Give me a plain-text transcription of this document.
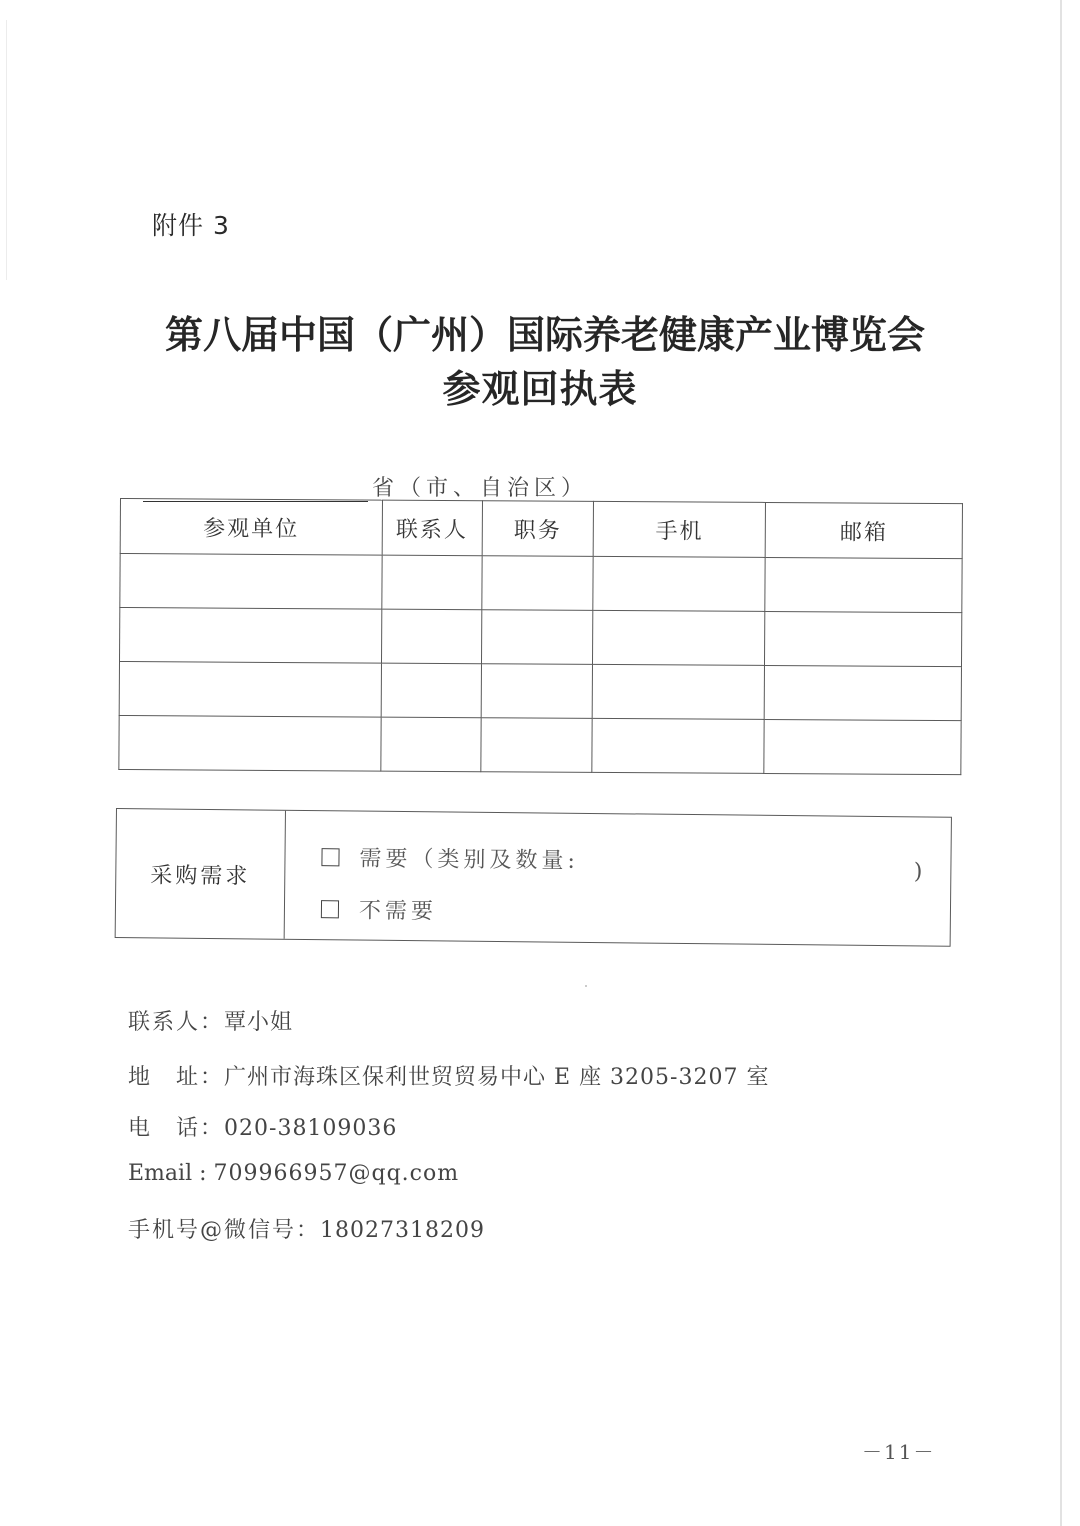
附件 3
第八届中国（广州）国际养老健康产业博览会
参观回执表
省（市、自治区）
参观单位	联系人	职务	手机	邮箱

采购需求
需要（类别及数量:	)
不需要
联系人：覃小姐
地　址：广州市海珠区保利世贸贸易中心 E 座 3205-3207 室
电　话：020-38109036
Email : 709966957@qq.com
手机号@微信号：18027318209
－11－
